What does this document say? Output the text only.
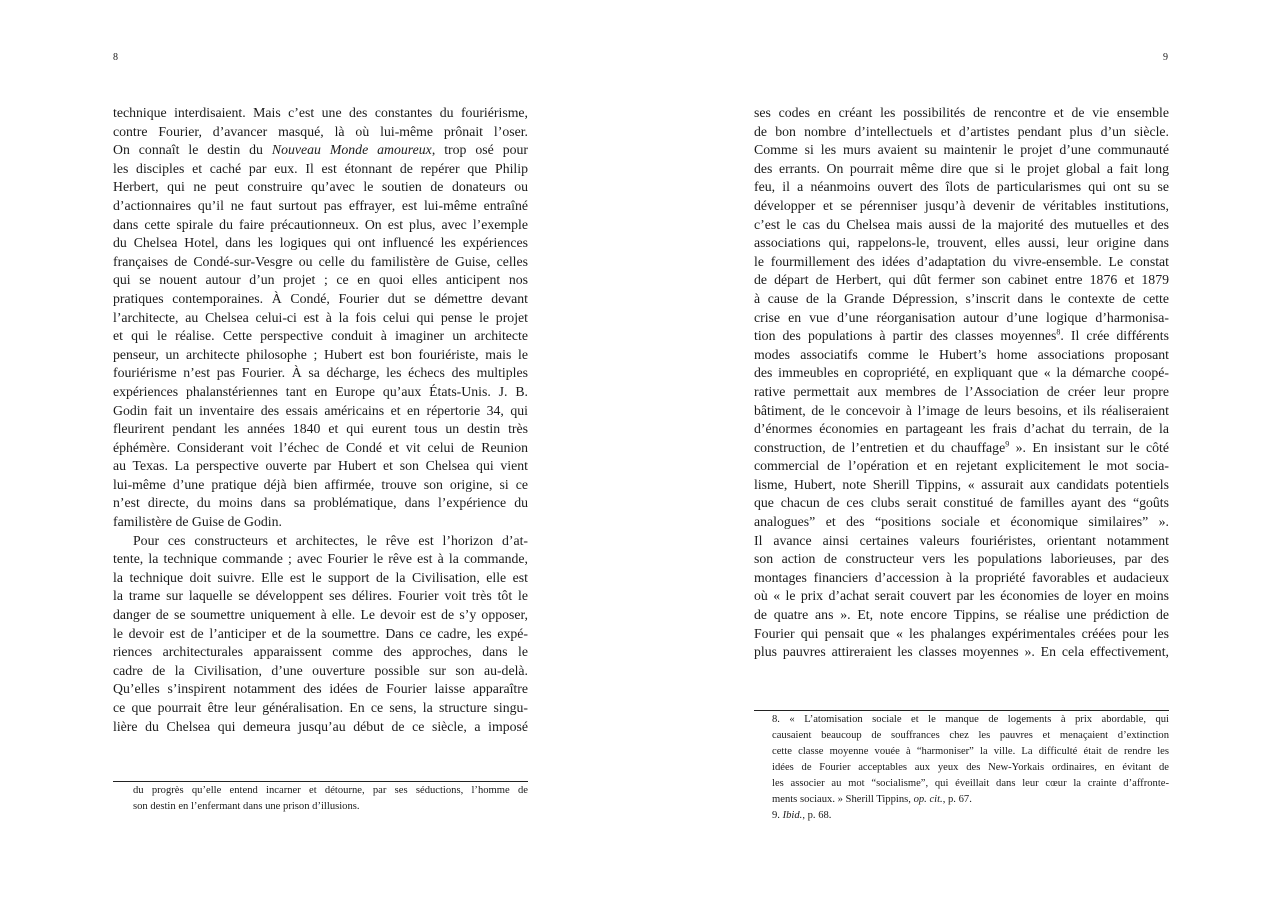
8
technique interdisaient. Mais c’est une des constantes du fouriérisme,
contre Fourier, d’avancer masqué, là où lui-même prônait l’oser.
On connaît le destin du Nouveau Monde amoureux, trop osé pour
les disciples et caché par eux. Il est étonnant de repérer que Philip
Herbert, qui ne peut construire qu’avec le soutien de donateurs ou
d’actionnaires qu’il ne faut surtout pas effrayer, est lui-même entraîné
dans cette spirale du faire précautionneux. On est plus, avec l’exemple
du Chelsea Hotel, dans les logiques qui ont influencé les expériences
françaises de Condé-sur-Vesgre ou celle du familistère de Guise, celles
qui se nouent autour d’un projet ; ce en quoi elles anticipent nos
pratiques contemporaines. À Condé, Fourier dut se démettre devant
l’architecte, au Chelsea celui-ci est à la fois celui qui pense le projet
et qui le réalise. Cette perspective conduit à imaginer un architecte
penseur, un architecte philosophe ; Hubert est bon fouriériste, mais le
fouriérisme n’est pas Fourier. À sa décharge, les échecs des multiples
expériences phalanstériennes tant en Europe qu’aux États-Unis. J. B.
Godin fait un inventaire des essais américains et en répertorie 34, qui
fleurirent pendant les années 1840 et qui eurent tous un destin très
éphémère. Considerant voit l’échec de Condé et vit celui de Reunion
au Texas. La perspective ouverte par Hubert et son Chelsea qui vient
lui-même d’une pratique déjà bien affirmée, trouve son origine, si ce
n’est directe, du moins dans sa problématique, dans l’expérience du
familistère de Guise de Godin.
Pour ces constructeurs et architectes, le rêve est l’horizon d’at-
tente, la technique commande ; avec Fourier le rêve est à la commande,
la technique doit suivre. Elle est le support de la Civilisation, elle est
la trame sur laquelle se développent ses délires. Fourier voit très tôt le
danger de se soumettre uniquement à elle. Le devoir est de s’y opposer,
le devoir est de l’anticiper et de la soumettre. Dans ce cadre, les expé-
riences architecturales apparaissent comme des approches, dans le
cadre de la Civilisation, d’une ouverture possible sur son au-delà.
Qu’elles s’inspirent notamment des idées de Fourier laisse apparaître
ce que pourrait être leur généralisation. En ce sens, la structure singu-
lière du Chelsea qui demeura jusqu’au début de ce siècle, a imposé
du progrès qu’elle entend incarner et détourne, par ses séductions, l’homme de
son destin en l’enfermant dans une prison d’illusions.
9
ses codes en créant les possibilités de rencontre et de vie ensemble
de bon nombre d’intellectuels et d’artistes pendant plus d’un siècle.
Comme si les murs avaient su maintenir le projet d’une communauté
des errants. On pourrait même dire que si le projet global a fait long
feu, il a néanmoins ouvert des îlots de particularismes qui ont su se
développer et se pérenniser jusqu’à devenir de véritables institutions,
c’est le cas du Chelsea mais aussi de la majorité des mutuelles et des
associations qui, rappelons-le, trouvent, elles aussi, leur origine dans
le fourmillement des idées d’adaptation du vivre-ensemble. Le constat
de départ de Herbert, qui dût fermer son cabinet entre 1876 et 1879
à cause de la Grande Dépression, s’inscrit dans le contexte de cette
crise en vue d’une réorganisation autour d’une logique d’harmonisa-
tion des populations à partir des classes moyennes$^8$. Il crée différents
modes associatifs comme le Hubert’s home associations proposant
des immeubles en copropriété, en expliquant que « la démarche coopé-
rative permettait aux membres de l’Association de créer leur propre
bâtiment, de le concevoir à l’image de leurs besoins, et ils réaliseraient
d’énormes économies en partageant les frais d’achat du terrain, de la
construction, de l’entretien et du chauffage$^9$ ». En insistant sur le côté
commercial de l’opération et en rejetant explicitement le mot socia-
lisme, Hubert, note Sherill Tippins, « assurait aux candidats potentiels
que chacun de ces clubs serait constitué de familles ayant des “goûts
analogues” et des “positions sociale et économique similaires” ».
Il avance ainsi certaines valeurs fouriéristes, orientant notamment
son action de constructeur vers les populations laborieuses, par des
montages financiers d’accession à la propriété favorables et audacieux
où « le prix d’achat serait couvert par les économies de loyer en moins
de quatre ans ». Et, note encore Tippins, se réalise une prédiction de
Fourier qui pensait que « les phalanges expérimentales créées pour les
plus pauvres attireraient les classes moyennes ». En cela effectivement,
8. « L’atomisation sociale et le manque de logements à prix abordable, qui
causaient beaucoup de souffrances chez les pauvres et menaçaient d’extinction
cette classe moyenne vouée à “harmoniser” la ville. La difficulté était de rendre les
idées de Fourier acceptables aux yeux des New-Yorkais ordinaires, en évitant de
les associer au mot “socialisme”, qui éveillait dans leur cœur la crainte d’affronte-
ments sociaux. » Sherill Tippins, op. cit., p. 67.
9. Ibid., p. 68.
